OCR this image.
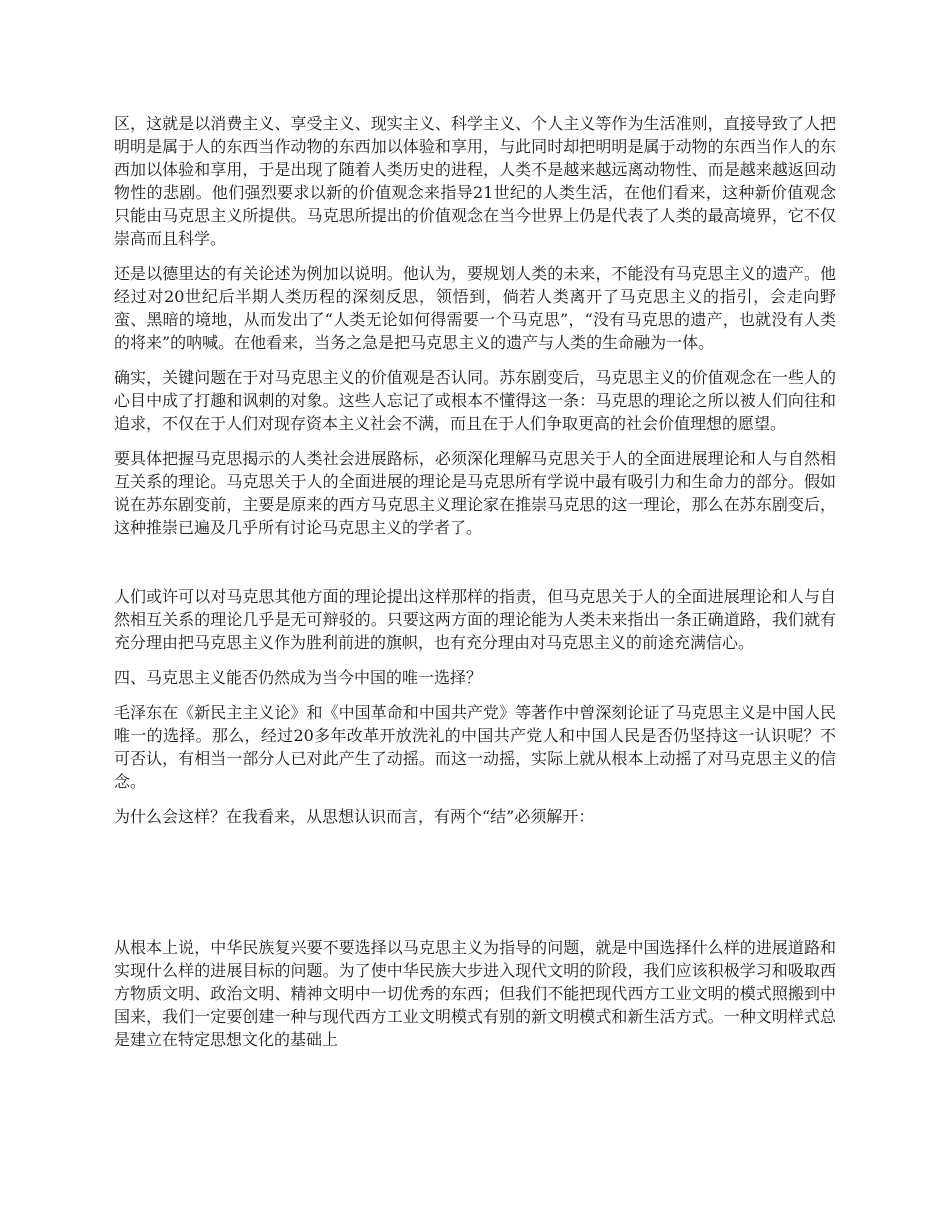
区，这就是以消费主义、享受主义、现实主义、科学主义、个人主义等作为生活准则，直接导致了人把明明是属于人的东西当作动物的东西加以体验和享用，与此同时却把明明是属于动物的东西当作人的东西加以体验和享用，于是出现了随着人类历史的进程，人类不是越来越远离动物性、而是越来越返回动物性的悲剧。他们强烈要求以新的价值观念来指导21世纪的人类生活，在他们看来，这种新价值观念只能由马克思主义所提供。马克思所提出的价值观念在当今世界上仍是代表了人类的最高境界，它不仅崇高而且科学。

还是以德里达的有关论述为例加以说明。他认为，要规划人类的未来，不能没有马克思主义的遗产。他经过对20世纪后半期人类历程的深刻反思，领悟到，倘若人类离开了马克思主义的指引，会走向野蛮、黑暗的境地，从而发出了“人类无论如何得需要一个马克思”，“没有马克思的遗产，也就没有人类的将来”的呐喊。在他看来，当务之急是把马克思主义的遗产与人类的生命融为一体。

确实，关键问题在于对马克思主义的价值观是否认同。苏东剧变后，马克思主义的价值观念在一些人的心目中成了打趣和讽刺的对象。这些人忘记了或根本不懂得这一条：马克思的理论之所以被人们向往和追求，不仅在于人们对现存资本主义社会不满，而且在于人们争取更高的社会价值理想的愿望。

要具体把握马克思揭示的人类社会进展路标，必须深化理解马克思关于人的全面进展理论和人与自然相互关系的理论。马克思关于人的全面进展的理论是马克思所有学说中最有吸引力和生命力的部分。假如说在苏东剧变前，主要是原来的西方马克思主义理论家在推崇马克思的这一理论，那么在苏东剧变后，这种推崇已遍及几乎所有讨论马克思主义的学者了。

人们或许可以对马克思其他方面的理论提出这样那样的指责，但马克思关于人的全面进展理论和人与自然相互关系的理论几乎是无可辩驳的。只要这两方面的理论能为人类未来指出一条正确道路，我们就有充分理由把马克思主义作为胜利前进的旗帜，也有充分理由对马克思主义的前途充满信心。

四、马克思主义能否仍然成为当今中国的唯一选择？

毛泽东在《新民主主义论》和《中国革命和中国共产党》等著作中曾深刻论证了马克思主义是中国人民唯一的选择。那么，经过20多年改革开放洗礼的中国共产党人和中国人民是否仍坚持这一认识呢？不可否认，有相当一部分人已对此产生了动摇。而这一动摇，实际上就从根本上动摇了对马克思主义的信念。

为什么会这样？在我看来，从思想认识而言，有两个“结”必须解开：

从根本上说，中华民族复兴要不要选择以马克思主义为指导的问题，就是中国选择什么样的进展道路和实现什么样的进展目标的问题。为了使中华民族大步进入现代文明的阶段，我们应该积极学习和吸取西方物质文明、政治文明、精神文明中一切优秀的东西；但我们不能把现代西方工业文明的模式照搬到中国来，我们一定要创建一种与现代西方工业文明模式有别的新文明模式和新生活方式。一种文明样式总是建立在特定思想文化的基础上
